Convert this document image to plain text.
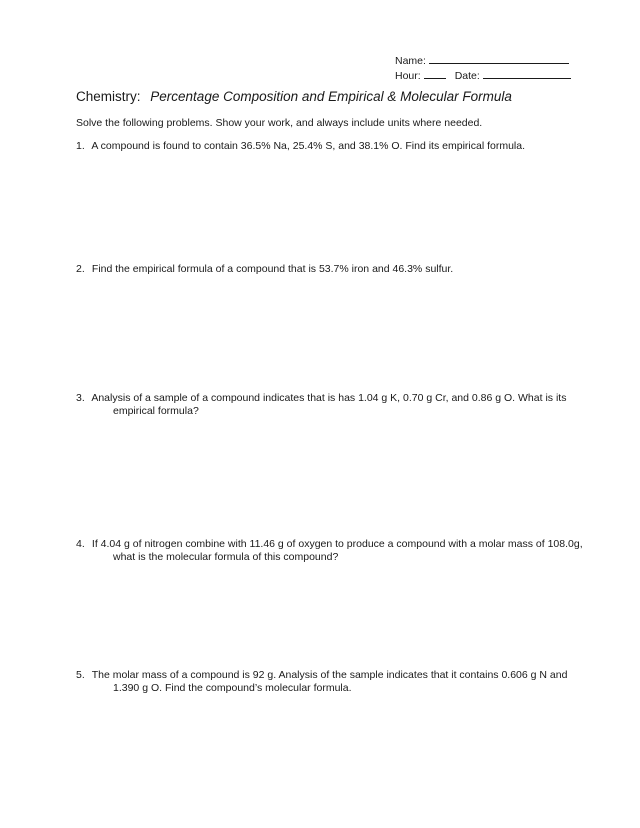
Name:
Hour:	Date:
Chemistry: Percentage Composition and Empirical & Molecular Formula
Solve the following problems. Show your work, and always include units where needed.
1. A compound is found to contain 36.5% Na, 25.4% S, and 38.1% O. Find its empirical formula.
2. Find the empirical formula of a compound that is 53.7% iron and 46.3% sulfur.
3. Analysis of a sample of a compound indicates that is has 1.04 g K, 0.70 g Cr, and 0.86 g O. What is its
empirical formula?
4. If 4.04 g of nitrogen combine with 11.46 g of oxygen to produce a compound with a molar mass of 108.0g,
what is the molecular formula of this compound?
5. The molar mass of a compound is 92 g. Analysis of the sample indicates that it contains 0.606 g N and
1.390 g O. Find the compound’s molecular formula.
